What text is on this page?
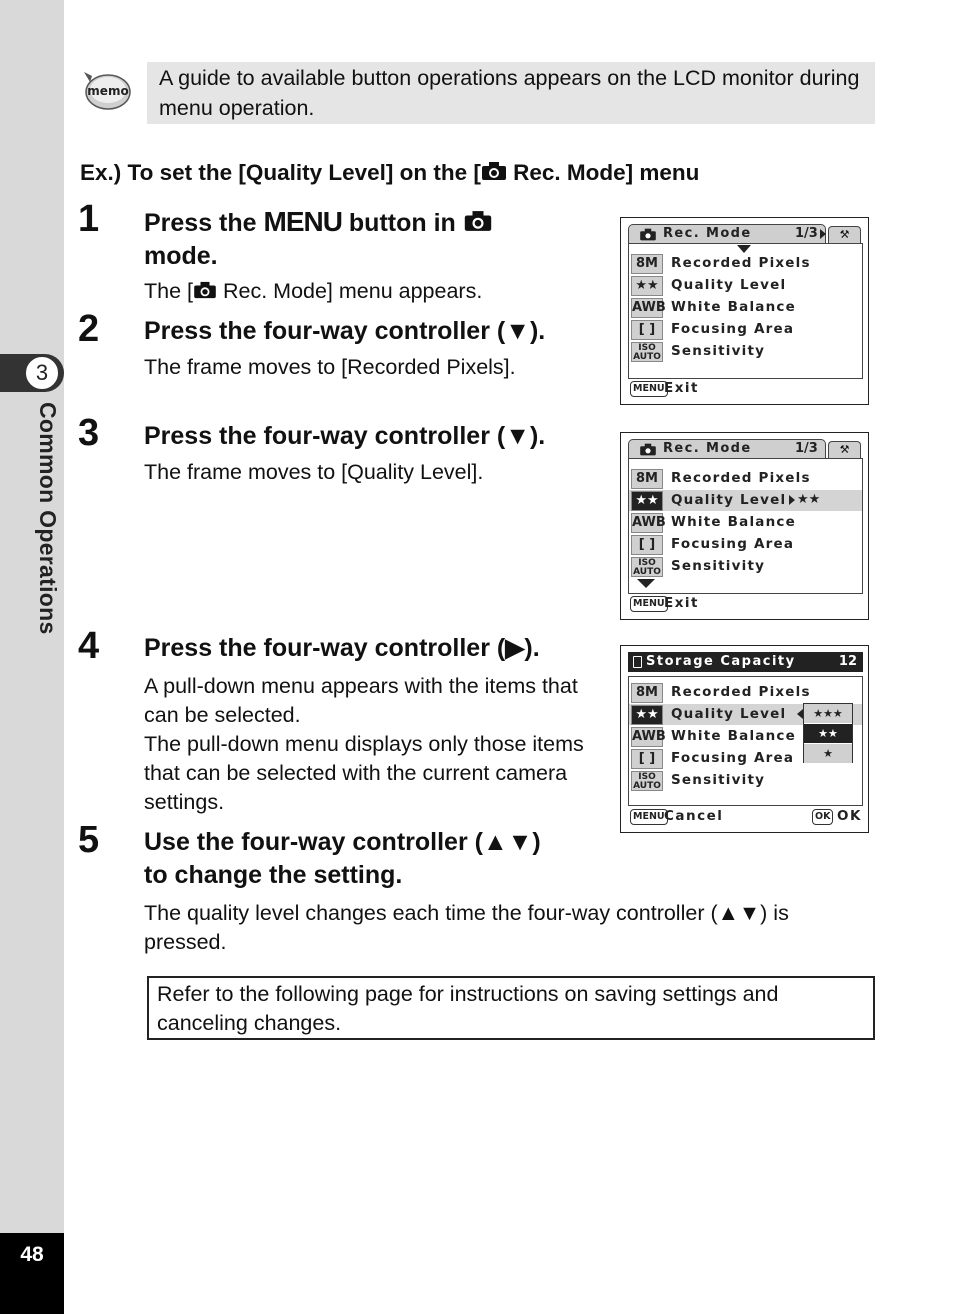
3
Common Operations
48
memo
A guide to available button operations appears on the LCD monitor during menu operation.
Ex.) To set the [Quality Level] on the [ Rec. Mode] menu
1 Press the MENU button in
mode.
The [ Rec. Mode] menu appears.
2 Press the four-way controller (▼).
The frame moves to [Recorded Pixels].
3 Press the four-way controller (▼).
The frame moves to [Quality Level].
4 Press the four-way controller (▶).
A pull-down menu appears with the items that can be selected.
The pull-down menu displays only those items that can be selected with the current camera settings.
5 Use the four-way controller (▲▼)
to change the setting.
The quality level changes each time the four-way controller (▲▼) is pressed.
Refer to the following page for instructions on saving settings and canceling changes.
Rec. Mode	1/3	⚒
8M Recorded Pixels
★★ Quality Level
AWB White Balance
[ ]	Focusing Area
ISO AUTO Sensitivity
MENU Exit
Rec. Mode	1/3	⚒
8M Recorded Pixels
★★ Quality Level ★★
AWB White Balance
[ ]	Focusing Area
ISO AUTO Sensitivity
MENU Exit
Storage Capacity	12
8M Recorded Pixels
★★ Quality Level
AWB White Balance
[ ]	Focusing Area
ISO AUTO Sensitivity
★★★
★★
★
MENU Cancel	OK OK
